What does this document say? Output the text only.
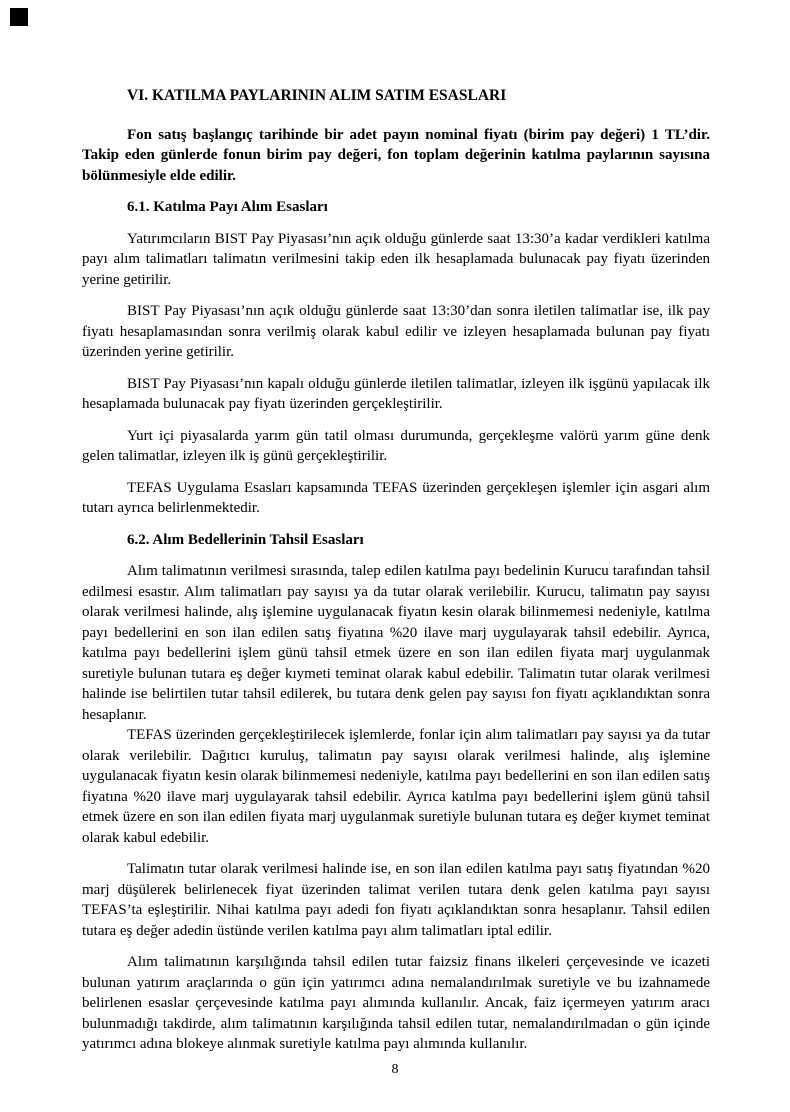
VI. KATILMA PAYLARININ ALIM SATIM ESASLARI

Fon satış başlangıç tarihinde bir adet payın nominal fiyatı (birim pay değeri) 1 TL’dir. Takip eden günlerde fonun birim pay değeri, fon toplam değerinin katılma paylarının sayısına bölünmesiyle elde edilir.

6.1. Katılma Payı Alım Esasları

Yatırımcıların BIST Pay Piyasası’nın açık olduğu günlerde saat 13:30’a kadar verdikleri katılma payı alım talimatları talimatın verilmesini takip eden ilk hesaplamada bulunacak pay fiyatı üzerinden yerine getirilir.

BIST Pay Piyasası’nın açık olduğu günlerde saat 13:30’dan sonra iletilen talimatlar ise, ilk pay fiyatı hesaplamasından sonra verilmiş olarak kabul edilir ve izleyen hesaplamada bulunan pay fiyatı üzerinden yerine getirilir.

BIST Pay Piyasası’nın kapalı olduğu günlerde iletilen talimatlar, izleyen ilk işgünü yapılacak ilk hesaplamada bulunacak pay fiyatı üzerinden gerçekleştirilir.

Yurt içi piyasalarda yarım gün tatil olması durumunda, gerçekleşme valörü yarım güne denk gelen talimatlar, izleyen ilk iş günü gerçekleştirilir.

TEFAS Uygulama Esasları kapsamında TEFAS üzerinden gerçekleşen işlemler için asgari alım tutarı ayrıca belirlenmektedir.

6.2. Alım Bedellerinin Tahsil Esasları

Alım talimatının verilmesi sırasında, talep edilen katılma payı bedelinin Kurucu tarafından tahsil edilmesi esastır. Alım talimatları pay sayısı ya da tutar olarak verilebilir. Kurucu, talimatın pay sayısı olarak verilmesi halinde, alış işlemine uygulanacak fiyatın kesin olarak bilinmemesi nedeniyle, katılma payı bedellerini en son ilan edilen satış fiyatına %20 ilave marj uygulayarak tahsil edebilir. Ayrıca, katılma payı bedellerini işlem günü tahsil etmek üzere en son ilan edilen fiyata marj uygulanmak suretiyle bulunan tutara eş değer kıymeti teminat olarak kabul edebilir. Talimatın tutar olarak verilmesi halinde ise belirtilen tutar tahsil edilerek, bu tutara denk gelen pay sayısı fon fiyatı açıklandıktan sonra hesaplanır.

TEFAS üzerinden gerçekleştirilecek işlemlerde, fonlar için alım talimatları pay sayısı ya da tutar olarak verilebilir. Dağıtıcı kuruluş, talimatın pay sayısı olarak verilmesi halinde, alış işlemine uygulanacak fiyatın kesin olarak bilinmemesi nedeniyle, katılma payı bedellerini en son ilan edilen satış fiyatına %20 ilave marj uygulayarak tahsil edebilir. Ayrıca katılma payı bedellerini işlem günü tahsil etmek üzere en son ilan edilen fiyata marj uygulanmak suretiyle bulunan tutara eş değer kıymet teminat olarak kabul edebilir.

Talimatın tutar olarak verilmesi halinde ise, en son ilan edilen katılma payı satış fiyatından %20 marj düşülerek belirlenecek fiyat üzerinden talimat verilen tutara denk gelen katılma payı sayısı TEFAS’ta eşleştirilir. Nihai katılma payı adedi fon fiyatı açıklandıktan sonra hesaplanır. Tahsil edilen tutara eş değer adedin üstünde verilen katılma payı alım talimatları iptal edilir.

Alım talimatının karşılığında tahsil edilen tutar faizsiz finans ilkeleri çerçevesinde ve icazeti bulunan yatırım araçlarında o gün için yatırımcı adına nemalandırılmak suretiyle ve bu izahnamede belirlenen esaslar çerçevesinde katılma payı alımında kullanılır. Ancak, faiz içermeyen yatırım aracı bulunmadığı takdirde, alım talimatının karşılığında tahsil edilen tutar, nemalandırılmadan o gün içinde yatırımcı adına blokeye alınmak suretiyle katılma payı alımında kullanılır.

8
